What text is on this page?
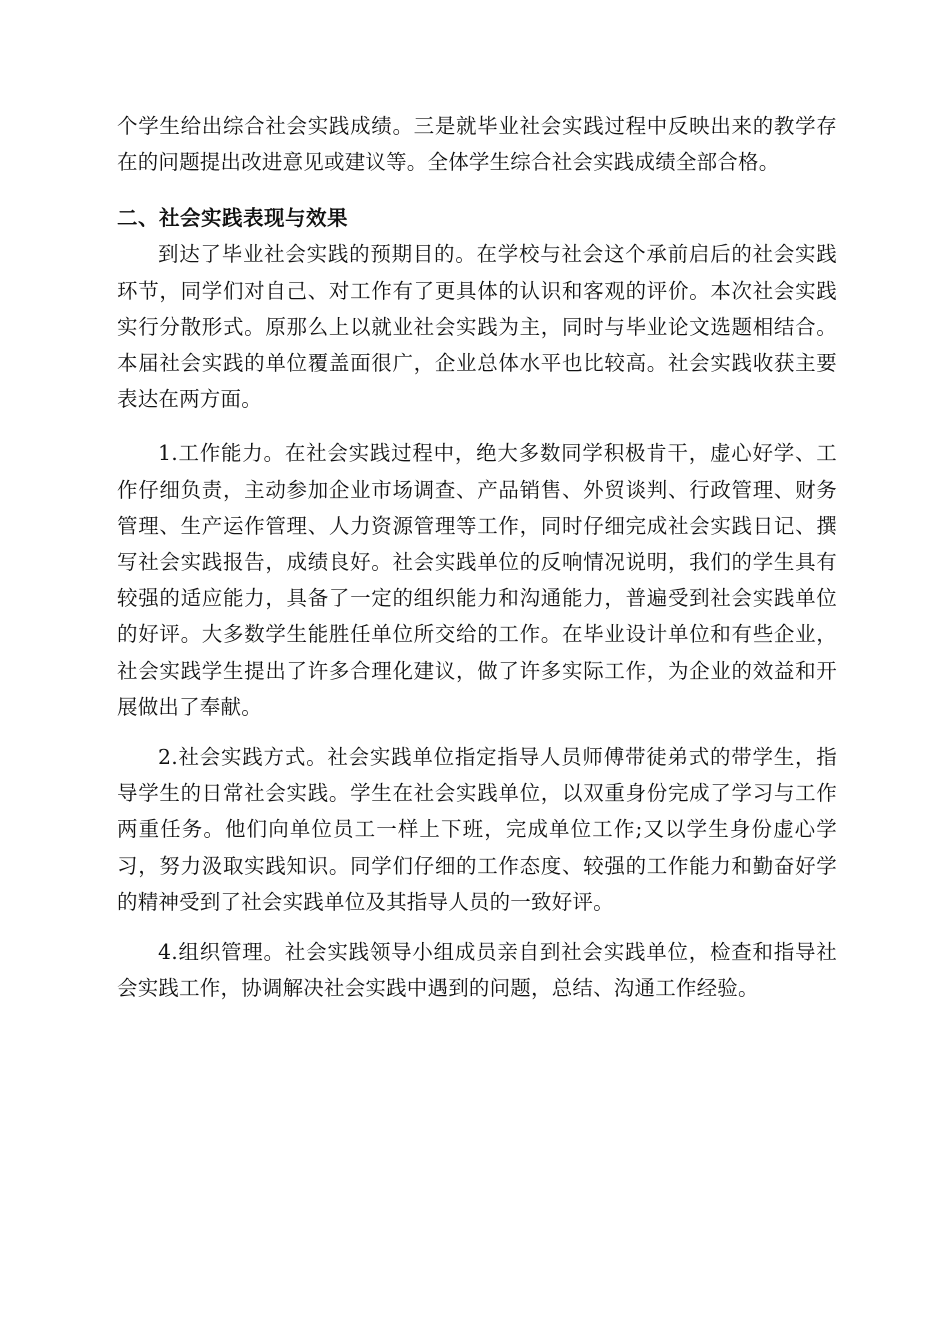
个学生给出综合社会实践成绩。三是就毕业社会实践过程中反映出来的教学存在的问题提出改进意见或建议等。全体学生综合社会实践成绩全部合格。

二、社会实践表现与效果

到达了毕业社会实践的预期目的。在学校与社会这个承前启后的社会实践环节，同学们对自己、对工作有了更具体的认识和客观的评价。本次社会实践实行分散形式。原那么上以就业社会实践为主，同时与毕业论文选题相结合。本届社会实践的单位覆盖面很广，企业总体水平也比较高。社会实践收获主要表达在两方面。

1.工作能力。在社会实践过程中，绝大多数同学积极肯干，虚心好学、工作仔细负责，主动参加企业市场调查、产品销售、外贸谈判、行政管理、财务管理、生产运作管理、人力资源管理等工作，同时仔细完成社会实践日记、撰写社会实践报告，成绩良好。社会实践单位的反响情况说明，我们的学生具有较强的适应能力，具备了一定的组织能力和沟通能力，普遍受到社会实践单位的好评。大多数学生能胜任单位所交给的工作。在毕业设计单位和有些企业，社会实践学生提出了许多合理化建议，做了许多实际工作，为企业的效益和开展做出了奉献。

2.社会实践方式。社会实践单位指定指导人员师傅带徒弟式的带学生，指导学生的日常社会实践。学生在社会实践单位，以双重身份完成了学习与工作两重任务。他们向单位员工一样上下班，完成单位工作;又以学生身份虚心学习，努力汲取实践知识。同学们仔细的工作态度、较强的工作能力和勤奋好学的精神受到了社会实践单位及其指导人员的一致好评。

4.组织管理。社会实践领导小组成员亲自到社会实践单位，检查和指导社会实践工作，协调解决社会实践中遇到的问题，总结、沟通工作经验。
